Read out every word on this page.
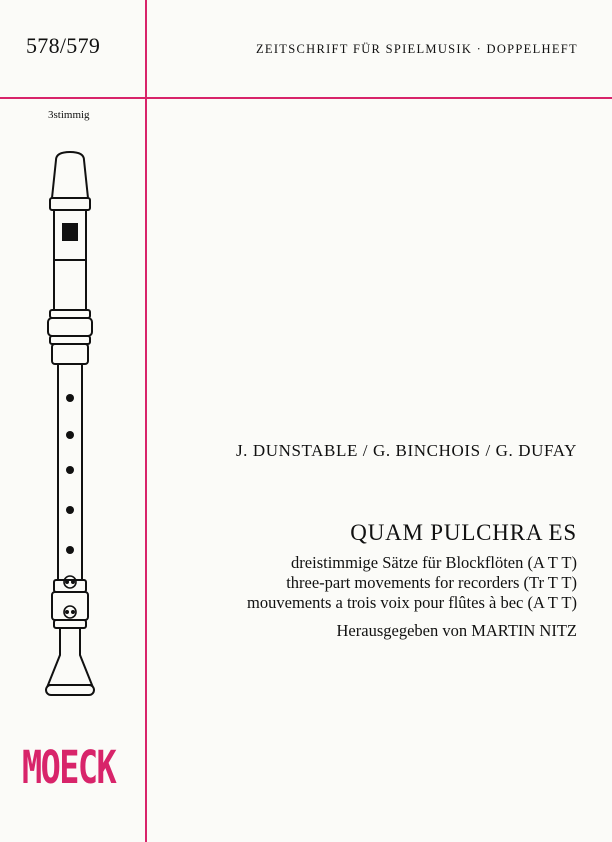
578/579	ZEITSCHRIFT FÜR SPIELMUSIK · DOPPELHEFT
3stimmig
J. DUNSTABLE / G. BINCHOIS / G. DUFAY
QUAM PULCHRA ES
dreistimmige Sätze für Blockflöten (A T T)
three-part movements for recorders (Tr T T)
mouvements a trois voix pour flûtes à bec (A T T)
Herausgegeben von MARTIN NITZ
MOECK
